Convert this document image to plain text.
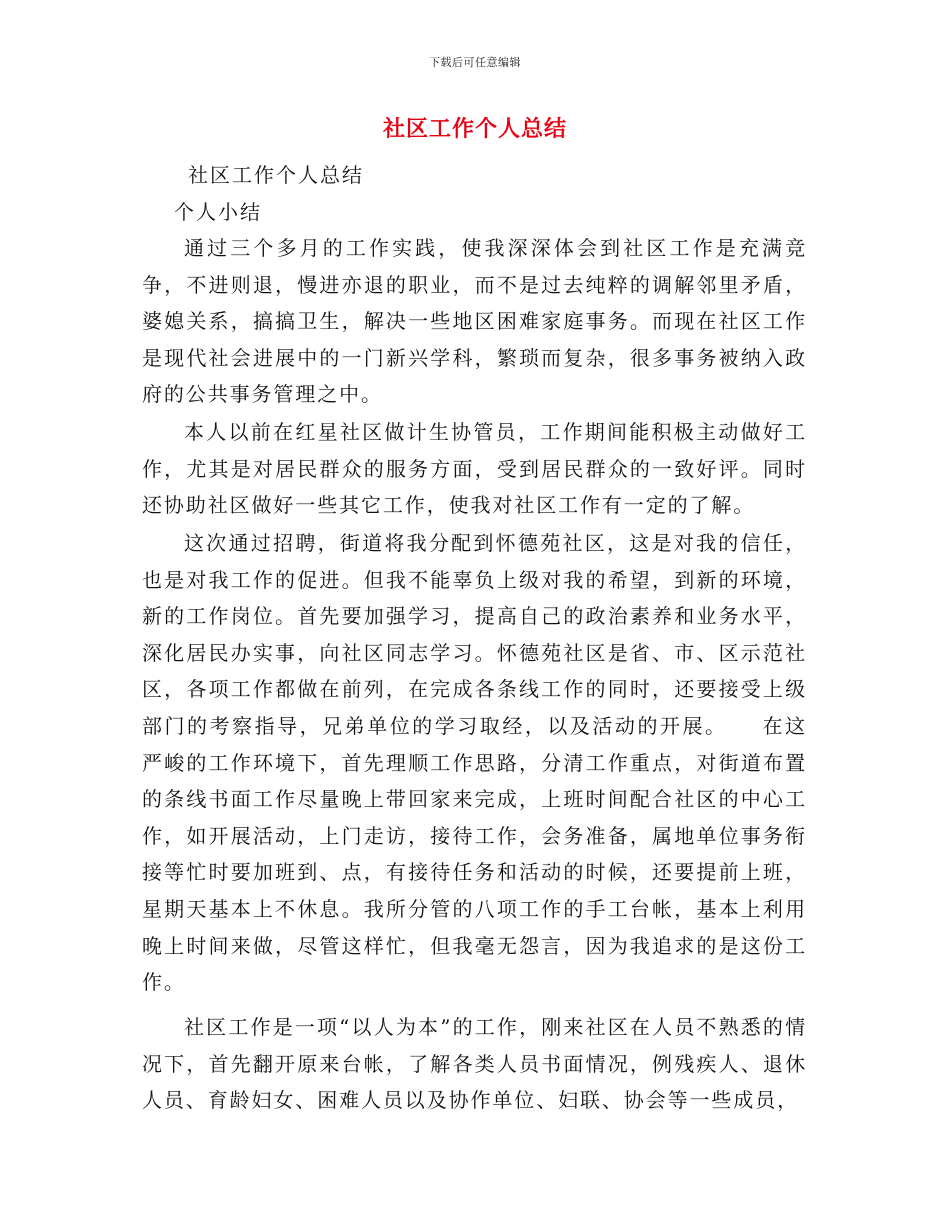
下载后可任意编辑
社区工作个人总结
社区工作个人总结
个人小结

通过三个多月的工作实践，使我深深体会到社区工作是充满竞争，不进则退，慢进亦退的职业，而不是过去纯粹的调解邻里矛盾，婆媳关系，搞搞卫生，解决一些地区困难家庭事务。而现在社区工作是现代社会进展中的一门新兴学科，繁琐而复杂，很多事务被纳入政府的公共事务管理之中。

本人以前在红星社区做计生协管员，工作期间能积极主动做好工作，尤其是对居民群众的服务方面，受到居民群众的一致好评。同时还协助社区做好一些其它工作，使我对社区工作有一定的了解。

这次通过招聘，街道将我分配到怀德苑社区，这是对我的信任，也是对我工作的促进。但我不能辜负上级对我的希望，到新的环境，新的工作岗位。首先要加强学习，提高自己的政治素养和业务水平，深化居民办实事，向社区同志学习。怀德苑社区是省、市、区示范社区，各项工作都做在前列，在完成各条线工作的同时，还要接受上级部门的考察指导，兄弟单位的学习取经，以及活动的开展。　　在这严峻的工作环境下，首先理顺工作思路，分清工作重点，对街道布置的条线书面工作尽量晚上带回家来完成，上班时间配合社区的中心工作，如开展活动，上门走访，接待工作，会务准备，属地单位事务衔接等忙时要加班到、点，有接待任务和活动的时候，还要提前上班，星期天基本上不休息。我所分管的八项工作的手工台帐，基本上利用晚上时间来做，尽管这样忙，但我毫无怨言，因为我追求的是这份工作。

社区工作是一项“以人为本”的工作，刚来社区在人员不熟悉的情况下，首先翻开原来台帐，了解各类人员书面情况，例残疾人、退休人员、育龄妇女、困难人员以及协作单位、妇联、协会等一些成员，
